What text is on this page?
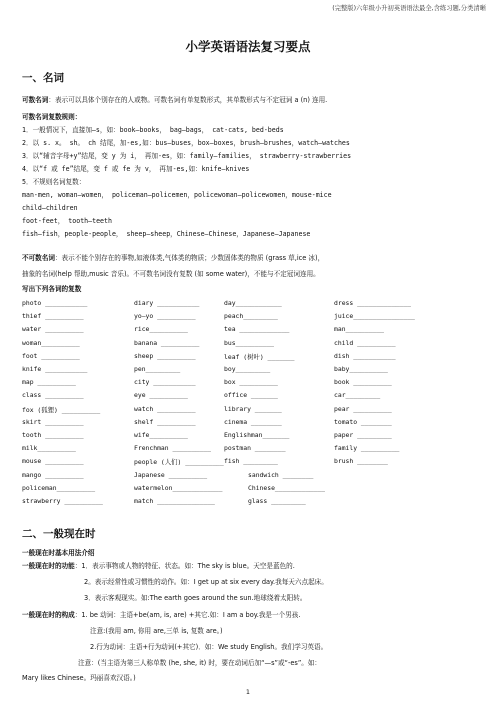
(完整版)六年级小升初英语语法最全,含练习题,分类清晰
小学英语语法复习要点
一、名词
可数名词：表示可以具体个别存在的人或物。可数名词有单复数形式，其单数形式与不定冠词 a (n) 连用.
可数名词复数规则：
1．一般情况下，直接加—s，如：book—books， bag—bags， cat-cats, bed-beds
2．以 s. x。 sh。 ch 结尾，加-es,如：bus—buses，box—boxes，brush—brushes，watch—watches
3．以“辅音字母+y”结尾，变 y 为 i， 再加-es，如：family—families， strawberry-strawberries
4．以“f 或 fe”结尾，变 f 或 fe 为 v， 再加-es,如：knife—knives
5．不规则名词复数：
man-men, woman—women， policeman—policemen，policewoman—policewomen，mouse-mice
child—children
foot-feet， tooth—teeth
fish—fish，people-people， sheep—sheep，Chinese—Chinese，Japanese—Japanese
不可数名词：表示不能个别存在的事物,如液体类,气体类的物质；少数固体类的物质 (grass 草,ice 冰)，
抽象的名词(help 帮助,music 音乐)。不可数名词没有复数 (如 some water)，不能与不定冠词连用。
写出下列各词的复数
photo ___________	diary ___________	day____________	dress ______________
thief __________	yo—yo __________	peach_________	juice________________
water __________	rice__________	tea _____________	man__________
woman__________	banana __________	bus__________	child __________
foot __________	sheep __________	leaf (树叶) _______	dish ___________
knife ___________	pen_________	boy_________	baby__________
map __________	city ___________	box __________	book __________
class __________	eye __________	office _______	car_________
fox (狐狸) __________	watch __________	library _______	pear __________
skirt __________	shelf __________	cinema ________	tomato ________
tooth __________	wife__________	Englishman_______	paper _________
milk__________	Frenchman __________ postman ________	family __________
mouse __________	people (人们) __________ fish _________	brush ________
mango __________	Japanese __________	sandwich ________
policeman__________	watermelon_____________	Chinese_____________
strawberry __________	match _______________	glass _________
二、一般现在时
一般现在时基本用法介绍
一般现在时的功能：1．表示事物或人物的特征、状态。如：The sky is blue。天空是蓝色的.
2。表示经常性或习惯性的动作。如：I get up at six every day.我每天六点起床。
3．表示客观现实。如:The earth goes around the sun.地球绕着太阳转。
一般现在时的构成：1. be 动词：主语+be(am, is, are) +其它.如：I am a boy.我是一个男孩.
注意:(我用 am, 你用 are,三单 is, 复数 are。)
2.行为动词：主语+行为动词(+其它)．如：We study English。我们学习英语。
注意：(当主语为第三人称单数 (he, she, it) 时，要在动词后加“—s”或“-es”。如：
Mary likes Chinese。玛丽喜欢汉语。)
1
